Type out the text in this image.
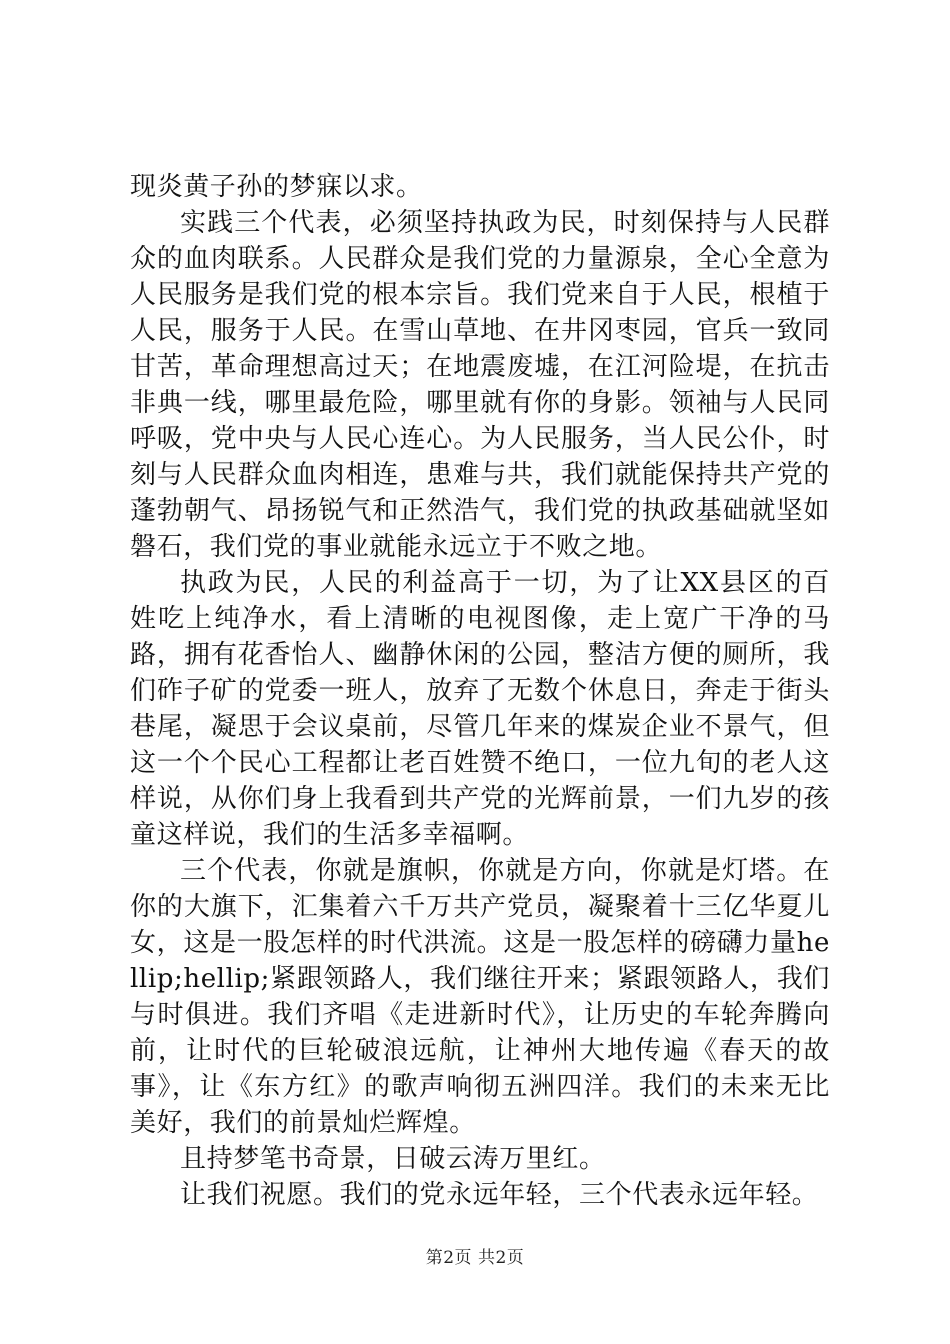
现炎黄子孙的梦寐以求。

实践三个代表，必须坚持执政为民，时刻保持与人民群众的血肉联系。人民群众是我们党的力量源泉，全心全意为人民服务是我们党的根本宗旨。我们党来自于人民，根植于人民，服务于人民。在雪山草地、在井冈枣园，官兵一致同甘苦，革命理想高过天；在地震废墟，在江河险堤，在抗击非典一线，哪里最危险，哪里就有你的身影。领袖与人民同呼吸，党中央与人民心连心。为人民服务，当人民公仆，时刻与人民群众血肉相连，患难与共，我们就能保持共产党的蓬勃朝气、昂扬锐气和正然浩气，我们党的执政基础就坚如磐石，我们党的事业就能永远立于不败之地。

执政为民，人民的利益高于一切，为了让XX县区的百姓吃上纯净水，看上清晰的电视图像，走上宽广干净的马路，拥有花香怡人、幽静休闲的公园，整洁方便的厕所，我们砟子矿的党委一班人，放弃了无数个休息日，奔走于街头巷尾，凝思于会议桌前，尽管几年来的煤炭企业不景气，但这一个个民心工程都让老百姓赞不绝口，一位九旬的老人这样说，从你们身上我看到共产党的光辉前景，一们九岁的孩童这样说，我们的生活多幸福啊。

三个代表，你就是旗帜，你就是方向，你就是灯塔。在你的大旗下，汇集着六千万共产党员，凝聚着十三亿华夏儿女，这是一股怎样的时代洪流。这是一股怎样的磅礴力量hellip;hellip;紧跟领路人，我们继往开来；紧跟领路人，我们与时俱进。我们齐唱《走进新时代》，让历史的车轮奔腾向前，让时代的巨轮破浪远航，让神州大地传遍《春天的故事》，让《东方红》的歌声响彻五洲四洋。我们的未来无比美好，我们的前景灿烂辉煌。

且持梦笔书奇景，日破云涛万里红。

让我们祝愿。我们的党永远年轻，三个代表永远年轻。

第2页 共2页
